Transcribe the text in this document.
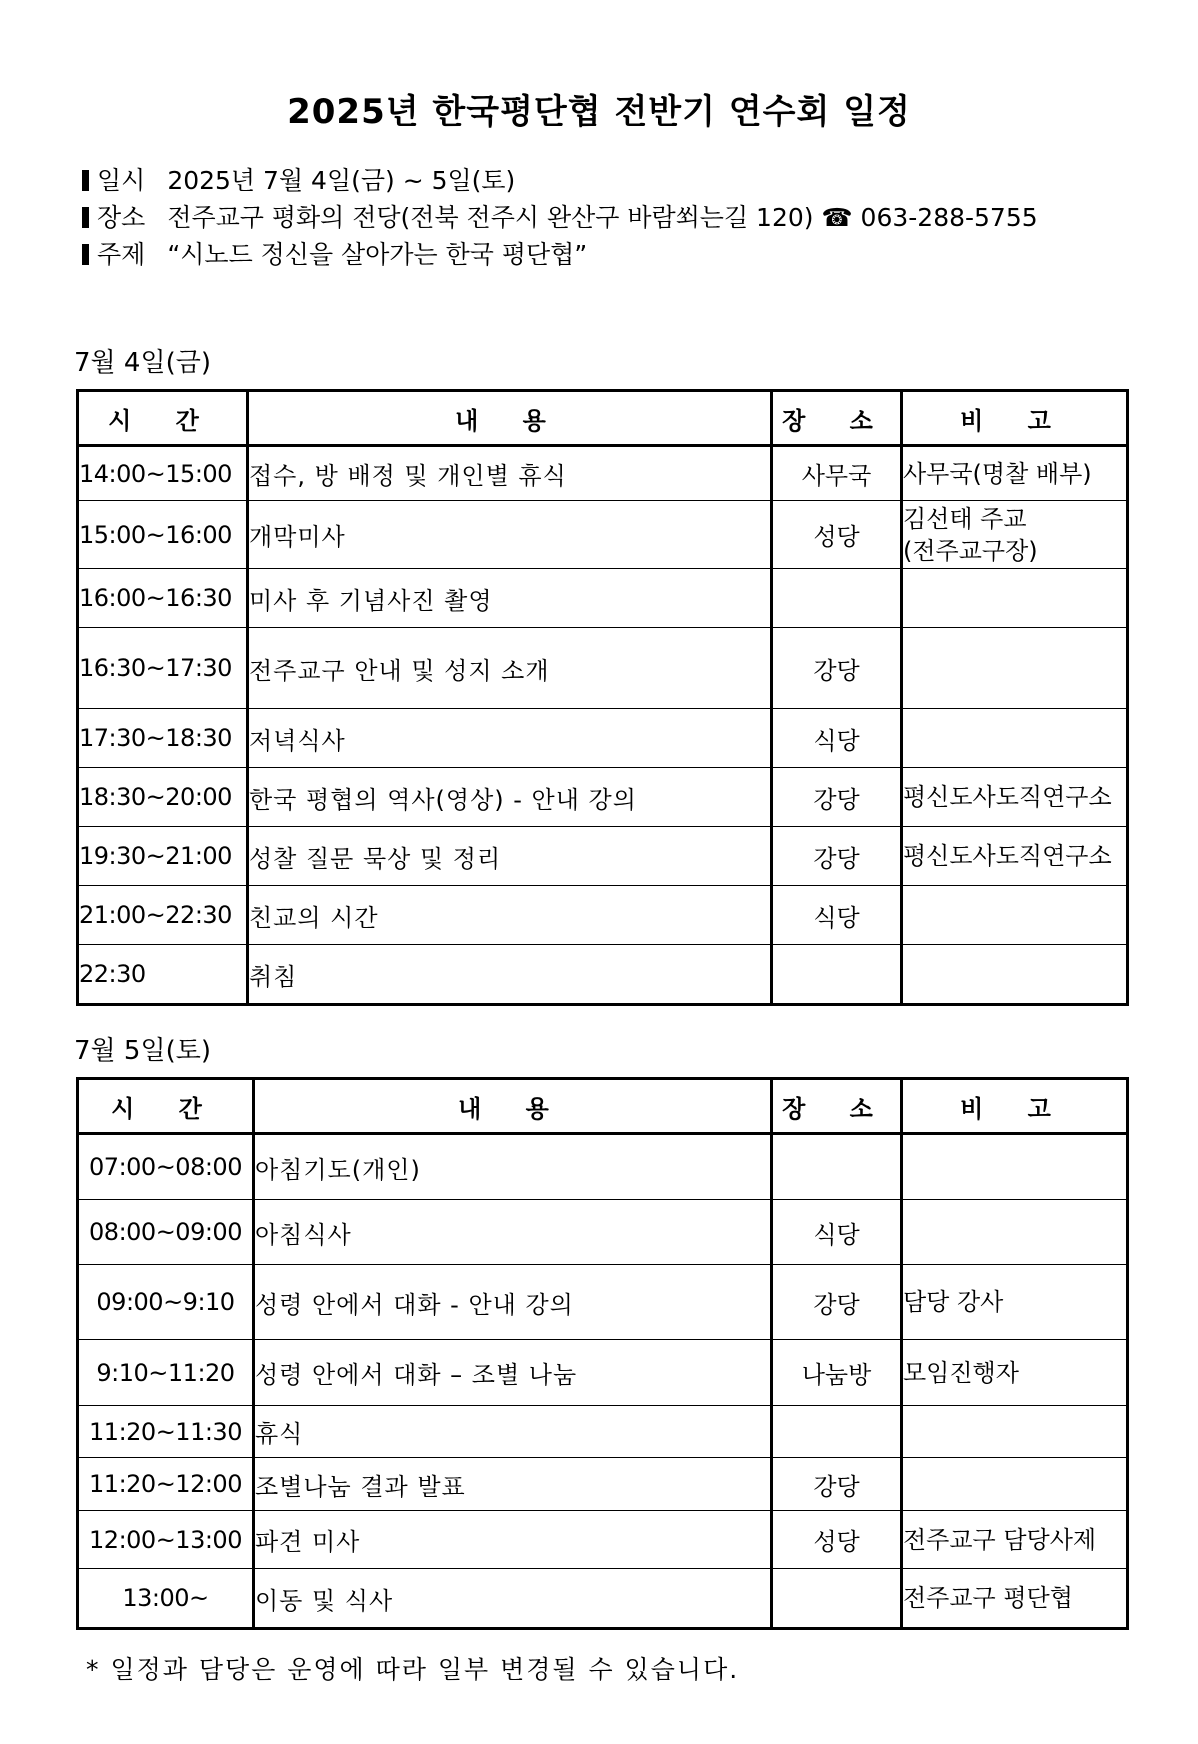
2025년 한국평단협 전반기 연수회 일정
일시 2025년 7월 4일(금) ~ 5일(토)
장소 전주교구 평화의 전당(전북 전주시 완산구 바람쐬는길 120) ☎ 063-288-5755
주제 “시노드 정신을 살아가는 한국 평단협”
7월 4일(금)
시 간	내 용	장 소	비 고
14:00~15:00	접수, 방 배정 및 개인별 휴식	사무국	사무국(명찰 배부)
15:00~16:00	개막미사	성당	김선태 주교
(전주교구장)

16:00~16:30	미사 후 기념사진 촬영		
16:30~17:30	전주교구 안내 및 성지 소개	강당	
17:30~18:30	저녁식사	식당	
18:30~20:00	한국 평협의 역사(영상) - 안내 강의	강당	평신도사도직연구소
19:30~21:00	성찰 질문 묵상 및 정리	강당	평신도사도직연구소
21:00~22:30	친교의 시간	식당	
22:30	취침		
7월 5일(토)
시 간	내 용	장 소	비 고
07:00~08:00	아침기도(개인)		
08:00~09:00	아침식사	식당	
09:00~9:10	성령 안에서 대화 - 안내 강의	강당	담당 강사
9:10~11:20	성령 안에서 대화 – 조별 나눔	나눔방	모임진행자
11:20~11:30	휴식		
11:20~12:00	조별나눔 결과 발표	강당	
12:00~13:00	파견 미사	성당	전주교구 담당사제
13:00~	이동 및 식사		전주교구 평단협
* 일정과 담당은 운영에 따라 일부 변경될 수 있습니다.
